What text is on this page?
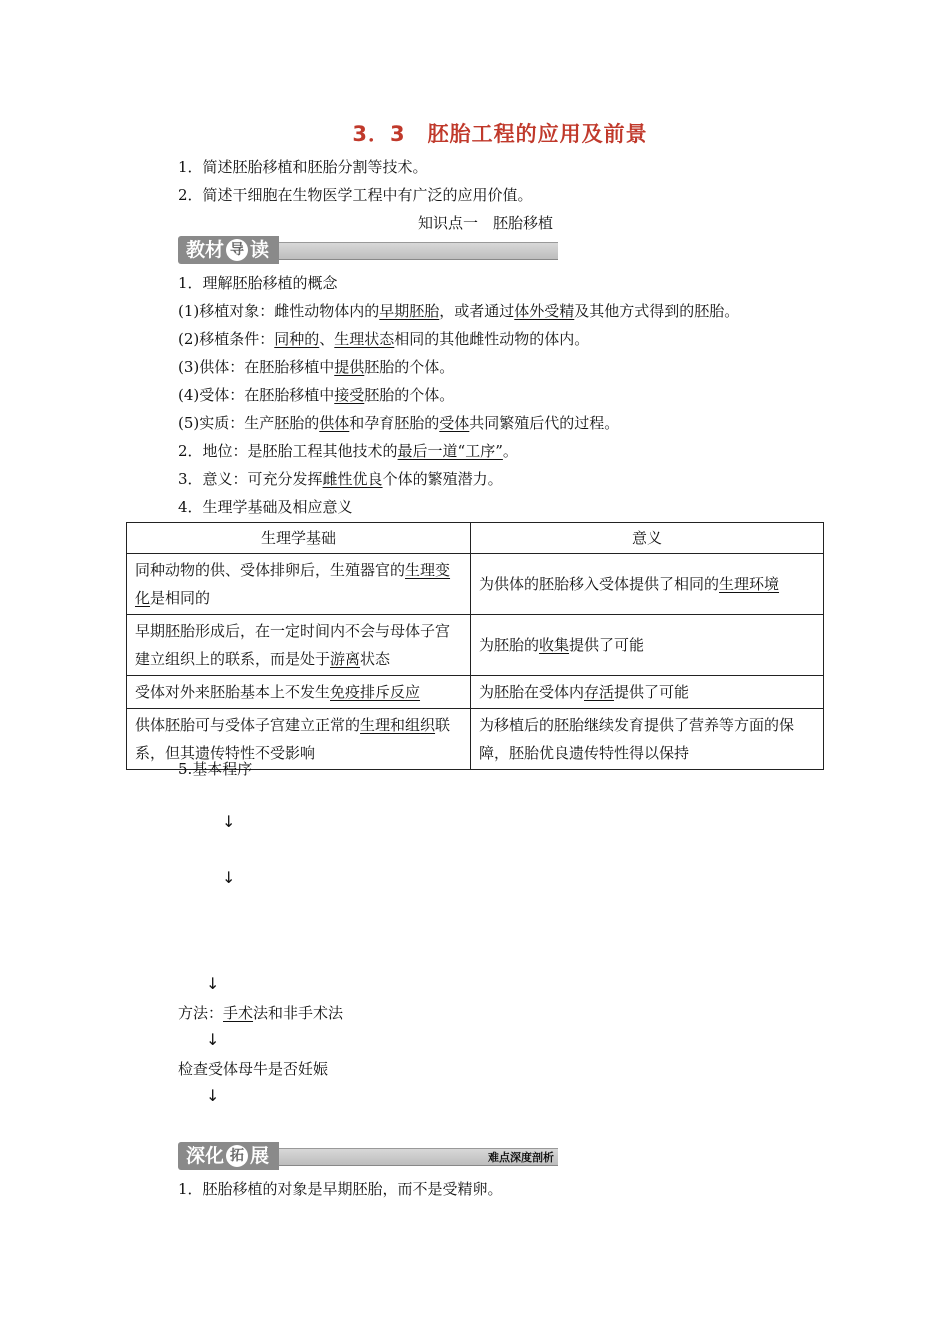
3．3　胚胎工程的应用及前景
1．简述胚胎移植和胚胎分割等技术。
2．简述干细胞在生物医学工程中有广泛的应用价值。
知识点一　胚胎移植
教材 导 读
1．理解胚胎移植的概念
(1)移植对象：雌性动物体内的早期胚胎，或者通过体外受精及其他方式得到的胚胎。
(2)移植条件：同种的、生理状态相同的其他雌性动物的体内。
(3)供体：在胚胎移植中提供胚胎的个体。
(4)受体：在胚胎移植中接受胚胎的个体。
(5)实质：生产胚胎的供体和孕育胚胎的受体共同繁殖后代的过程。
2．地位：是胚胎工程其他技术的最后一道“工序”。
3．意义：可充分发挥雌性优良个体的繁殖潜力。
4．生理学基础及相应意义
生理学基础	意义
同种动物的供、受体排卵后，生殖器官的生理变化是相同的	为供体的胚胎移入受体提供了相同的生理环境
早期胚胎形成后，在一定时间内不会与母体子宫建立组织上的联系，而是处于游离状态	为胚胎的收集提供了可能
受体对外来胚胎基本上不发生免疫排斥反应	为胚胎在受体内存活提供了可能
供体胚胎可与受体子宫建立正常的生理和组织联系，但其遗传特性不受影响	为移植后的胚胎继续发育提供了营养等方面的保障，胚胎优良遗传特性得以保持
5.基本程序
↓
↓
↓
方法：手术法和非手术法
↓
检查受体母牛是否妊娠
↓
深化 拓 展	难点深度剖析
1．胚胎移植的对象是早期胚胎，而不是受精卵。
